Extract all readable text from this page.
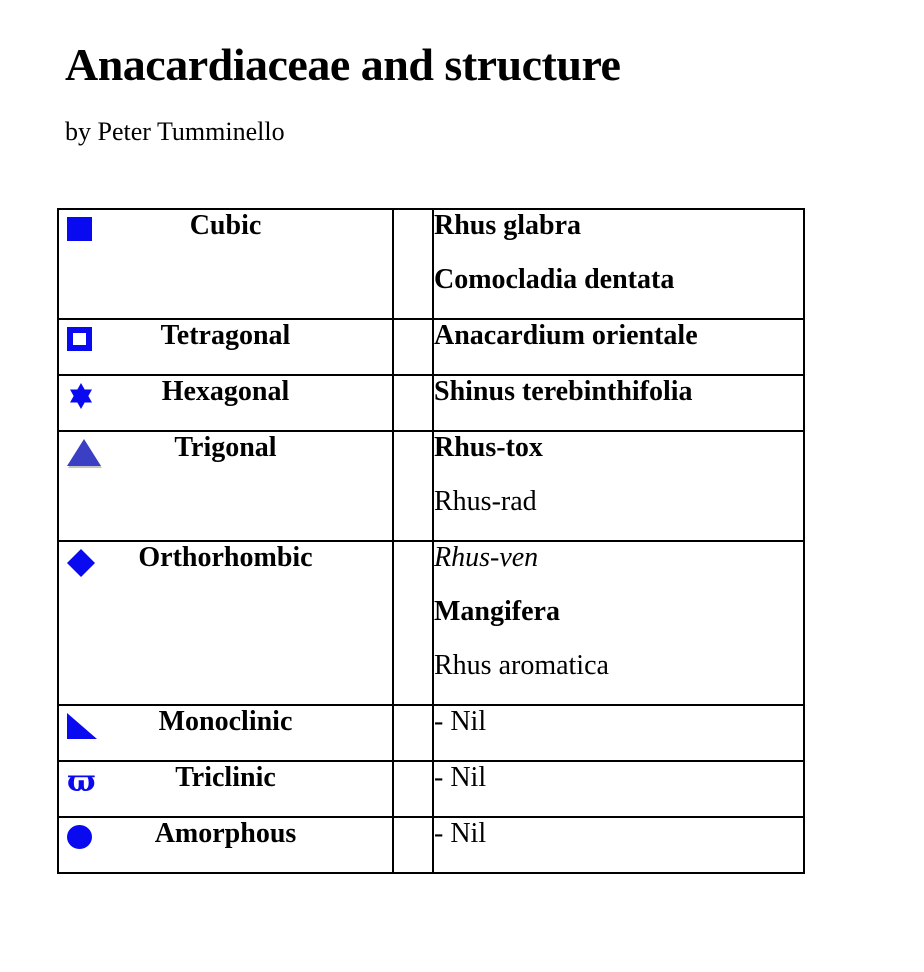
Anacardiaceae and structure
by Peter Tumminello
Cubic		Rhus glabra

Comocladia dentata

Tetragonal		Anacardium orientale

Hexagonal		Shinus terebinthifolia

Trigonal		Rhus-tox

Rhus-rad

Orthorhombic		Rhus-ven

Mangifera

Rhus aromatica

Monoclinic		- Nil

ϖ Triclinic		- Nil

Amorphous		- Nil
